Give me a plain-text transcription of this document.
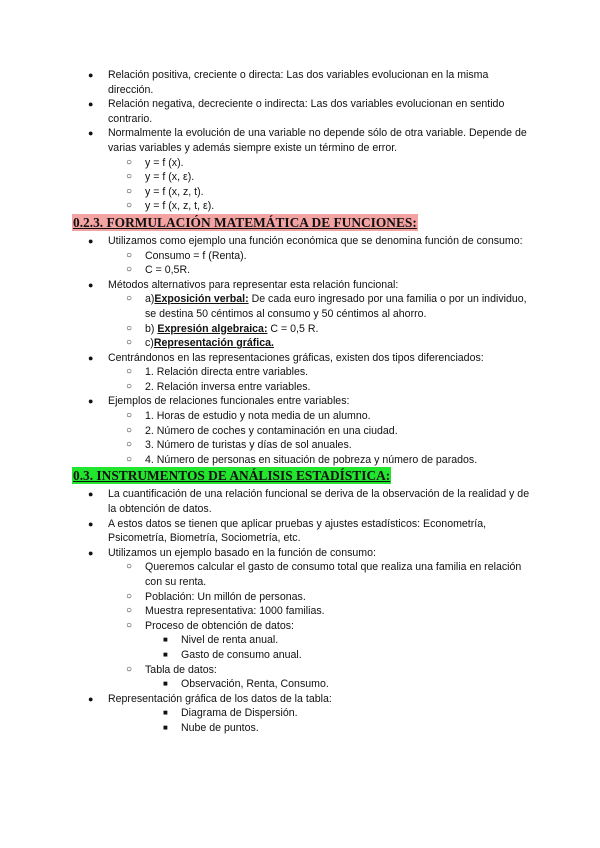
● Relación positiva, creciente o directa: Las dos variables evolucionan en la misma dirección.
● Relación negativa, decreciente o indirecta: Las dos variables evolucionan en sentido contrario.
● Normalmente la evolución de una variable no depende sólo de otra variable. Depende de varias variables y además siempre existe un término de error.
○ y = f (x).
○ y = f (x, ε).
○ y = f (x, z, t).
○ y = f (x, z, t, ε).
0.2.3. FORMULACIÓN MATEMÁTICA DE FUNCIONES:
● Utilizamos como ejemplo una función económica que se denomina función de consumo:
○ Consumo = f (Renta).
○ C = 0,5R.
● Métodos alternativos para representar esta relación funcional:
○ a)Exposición verbal: De cada euro ingresado por una familia o por un individuo, se destina 50 céntimos al consumo y 50 céntimos al ahorro.
○ b) Expresión algebraica: C = 0,5 R.
○ c)Representación gráfica.
● Centrándonos en las representaciones gráficas, existen dos tipos diferenciados:
○ 1. Relación directa entre variables.
○ 2. Relación inversa entre variables.
● Ejemplos de relaciones funcionales entre variables:
○ 1. Horas de estudio y nota media de un alumno.
○ 2. Número de coches y contaminación en una ciudad.
○ 3. Número de turistas y días de sol anuales.
○ 4. Número de personas en situación de pobreza y número de parados.
0.3. INSTRUMENTOS DE ANÁLISIS ESTADÍSTICA:
● La cuantificación de una relación funcional se deriva de la observación de la realidad y de la obtención de datos.
● A estos datos se tienen que aplicar pruebas y ajustes estadísticos: Econometría, Psicometría, Biometría, Sociometría, etc.
● Utilizamos un ejemplo basado en la función de consumo:
○ Queremos calcular el gasto de consumo total que realiza una familia en relación con su renta.
○ Población: Un millón de personas.
○ Muestra representativa: 1000 familias.
○ Proceso de obtención de datos:
■ Nivel de renta anual.
■ Gasto de consumo anual.
○ Tabla de datos:
■ Observación, Renta, Consumo.
● Representación gráfica de los datos de la tabla:
■ Diagrama de Dispersión.
■ Nube de puntos.
